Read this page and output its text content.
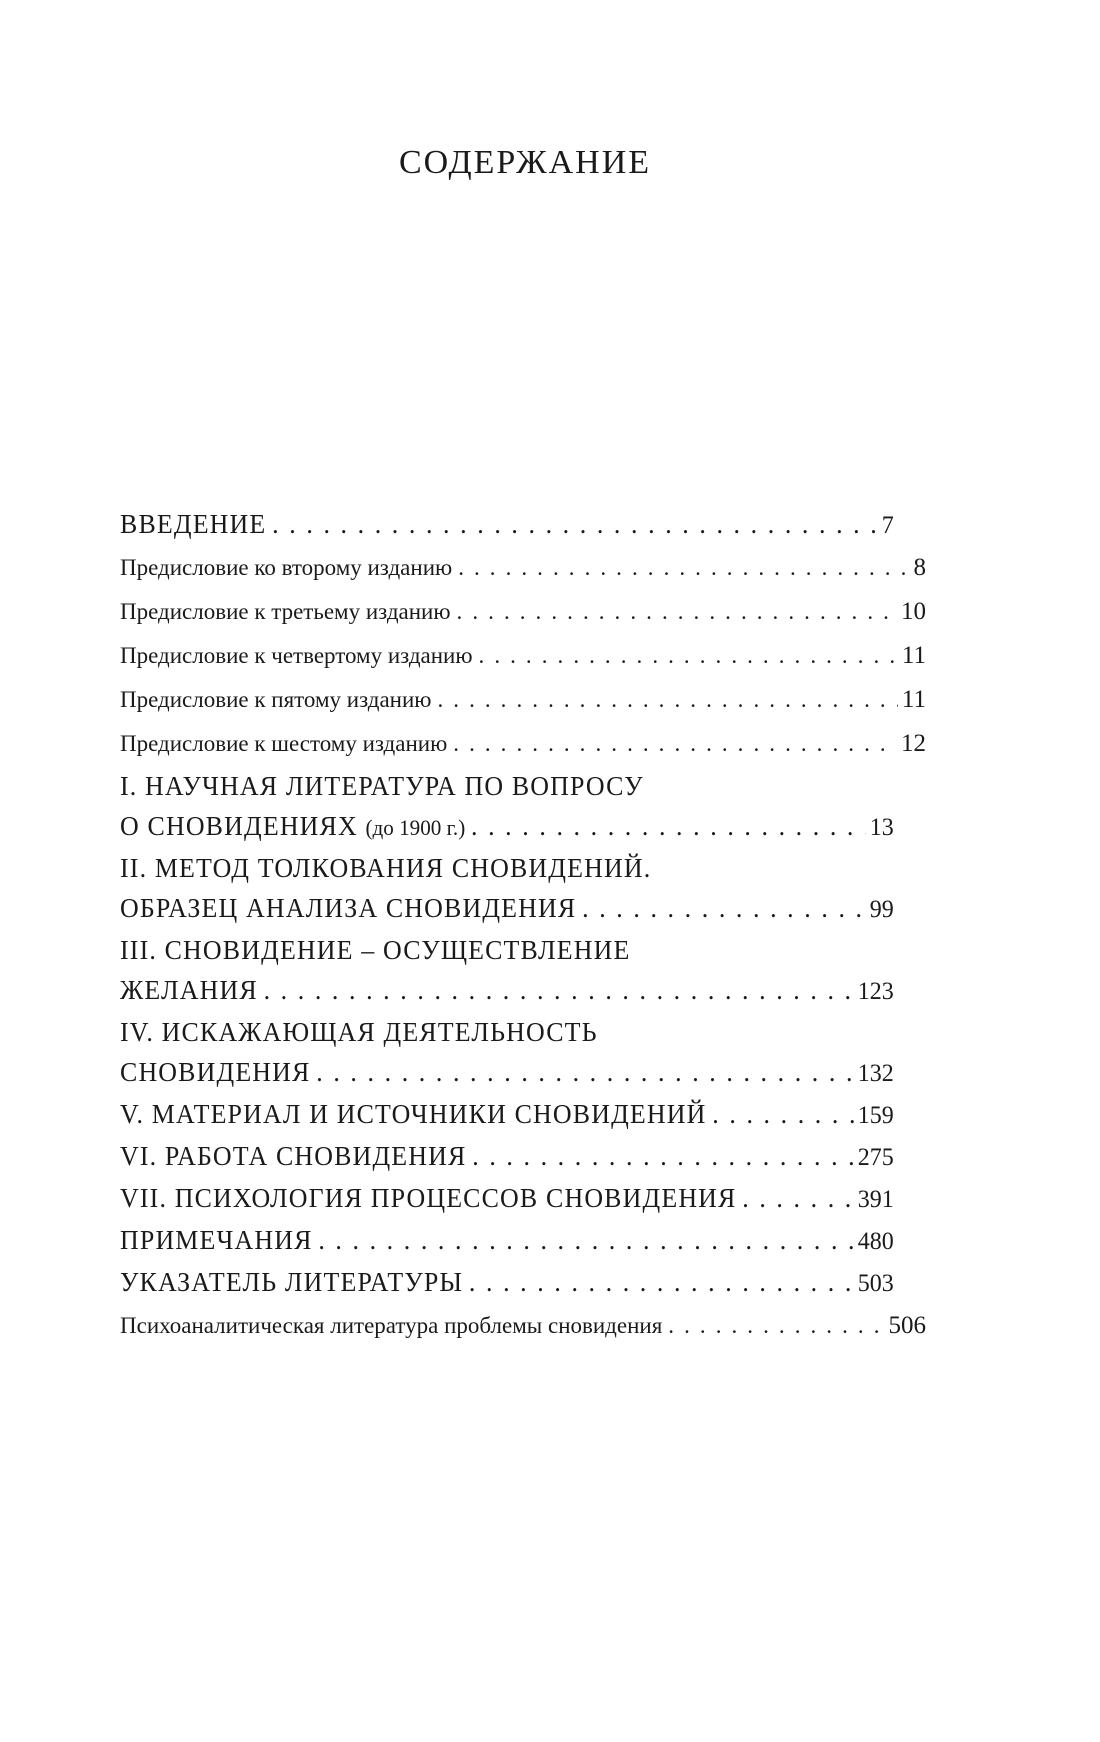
СОДЕРЖАНИЕ
ВВЕДЕНИЕ . . .	7
Предисловие ко второму изданию . . .	8
Предисловие к третьему изданию . . .	10
Предисловие к четвертому изданию . . .	11
Предисловие к пятому изданию . . .	11
Предисловие к шестому изданию . . .	12
I. НАУЧНАЯ ЛИТЕРАТУРА ПО ВОПРОСУ
О СНОВИДЕНИЯХ (до 1900 г.) . . .	13
II. МЕТОД ТОЛКОВАНИЯ СНОВИДЕНИЙ.
ОБРАЗЕЦ АНАЛИЗА СНОВИДЕНИЯ . . .	99
III. СНОВИДЕНИЕ – ОСУЩЕСТВЛЕНИЕ
ЖЕЛАНИЯ . . .	123
IV. ИСКАЖАЮЩАЯ ДЕЯТЕЛЬНОСТЬ
СНОВИДЕНИЯ . . .	132
V. МАТЕРИАЛ И ИСТОЧНИКИ СНОВИДЕНИЙ . . .	159
VI. РАБОТА СНОВИДЕНИЯ . . .	275
VII. ПСИХОЛОГИЯ ПРОЦЕССОВ СНОВИДЕНИЯ . . .	391
ПРИМЕЧАНИЯ . . .	480
УКАЗАТЕЛЬ ЛИТЕРАТУРЫ . . .	503
Психоаналитическая литература проблемы сновидения . . .	506
